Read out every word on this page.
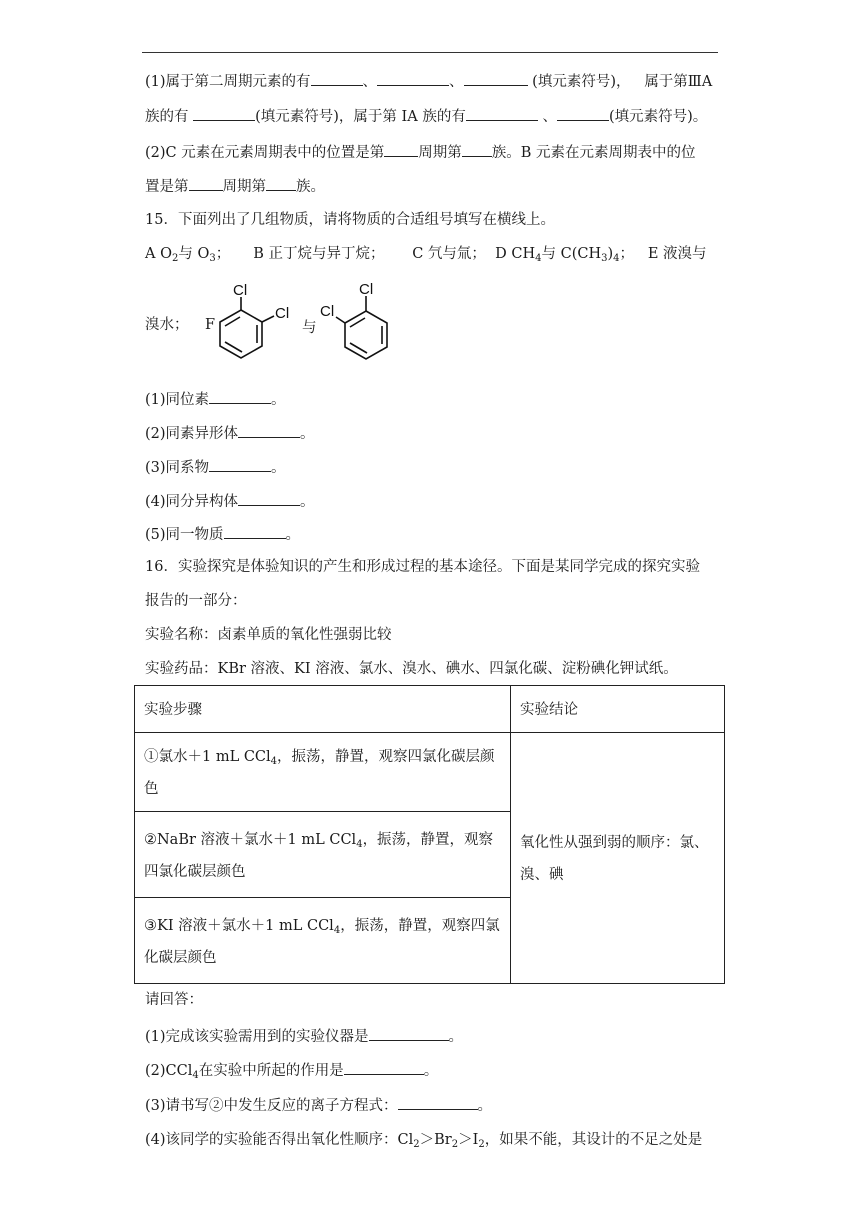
(1)属于第二周期元素的有	、	、	(填元素符号)， 属于第ⅢA
族的有	(填元素符号)，属于第 IA 族的有	、	(填元素符号)。
(2)C 元素在元素周期表中的位置是第 周期第 族。B 元素在元素周期表中的位
置是第 周期第 族。
15．下面列出了几组物质，请将物质的合适组号填写在横线上。
A $O_2$与 $O_3$； B 正丁烷与异丁烷； C 氕与氚； D $CH_4$与 $C(CH_3)_4$； E 液溴与
溴水； F	与
Cl
Cl
Cl
Cl
(1)同位素	。
(2)同素异形体	。
(3)同系物	。
(4)同分异构体	。
(5)同一物质	。
16．实验探究是体验知识的产生和形成过程的基本途径。下面是某同学完成的探究实验
报告的一部分：
实验名称：卤素单质的氧化性强弱比较
实验药品：KBr 溶液、KI 溶液、氯水、溴水、碘水、四氯化碳、淀粉碘化钾试纸。
实验步骤	实验结论
①氯水＋1 mL CCl$_4$，振荡，静置，观察四氯化碳层颜色	氧化性从强到弱的顺序：氯、溴、碘
②NaBr 溶液＋氯水＋1 mL CCl$_4$，振荡，静置，观察四氯化碳层颜色	
③KI 溶液＋氯水＋1 mL CCl$_4$，振荡，静置，观察四氯化碳层颜色	
请回答：
(1)完成该实验需用到的实验仪器是	。
(2)CCl$_4$在实验中所起的作用是	。
(3)请书写②中发生反应的离子方程式：	。
(4)该同学的实验能否得出氧化性顺序：$Cl_2>Br_2>I_2$，如果不能，其设计的不足之处是
